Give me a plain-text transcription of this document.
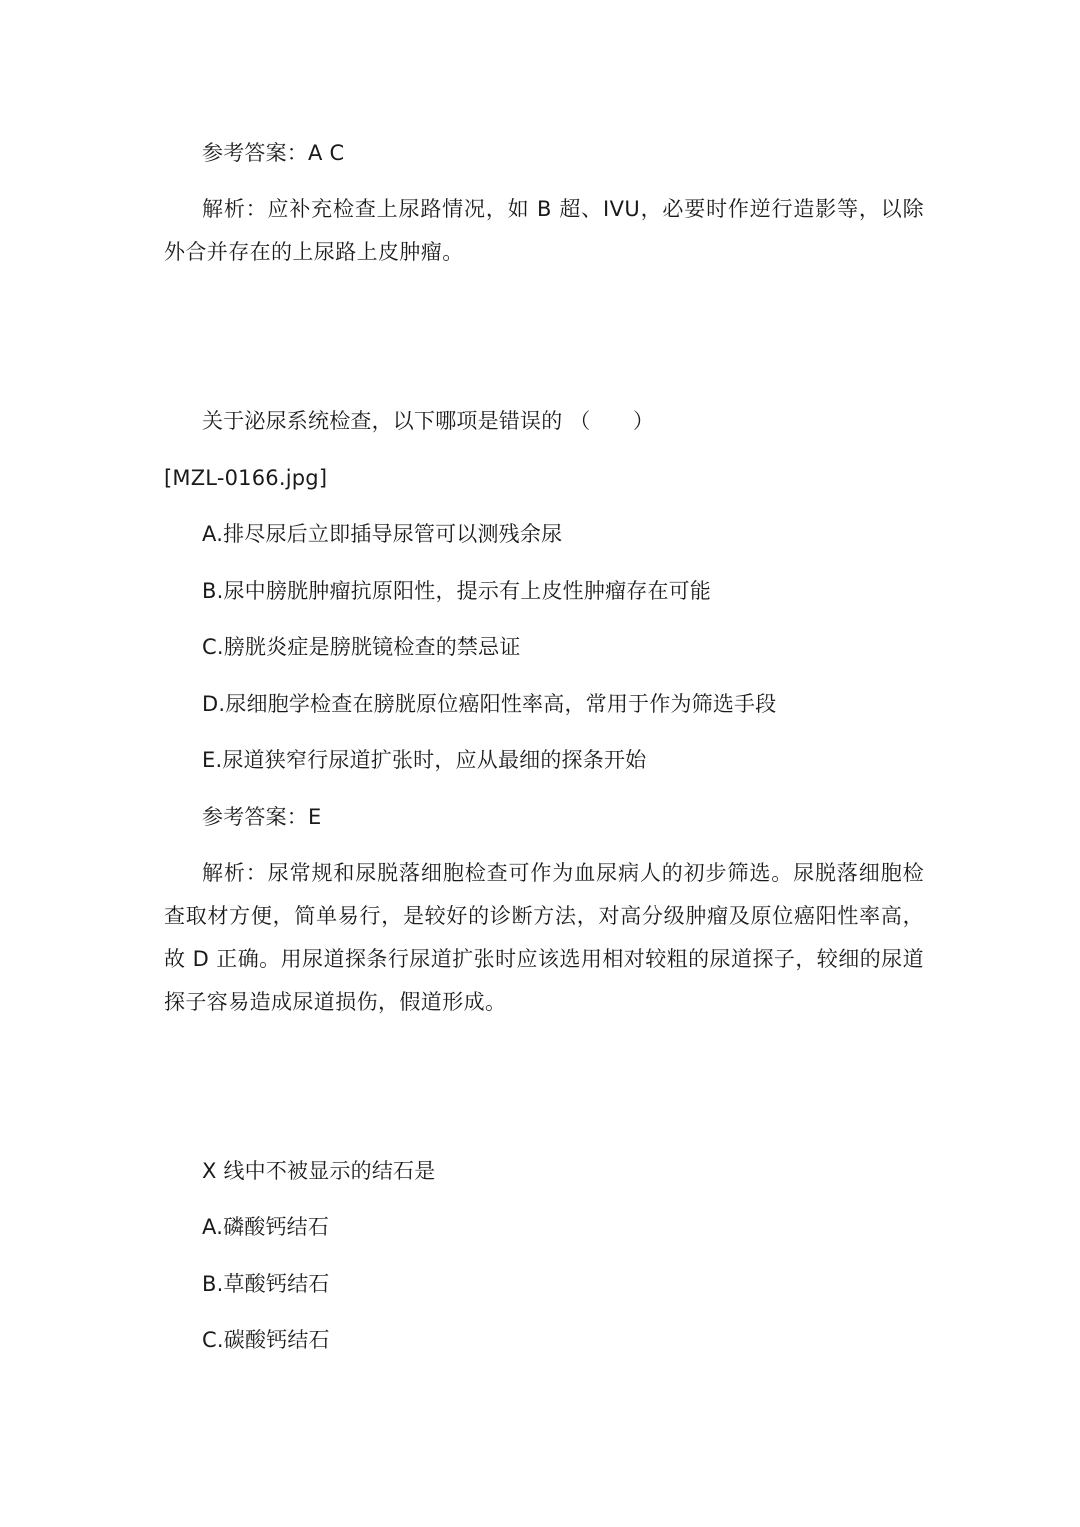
参考答案：A C
解析：应补充检查上尿路情况，如 B 超、IVU，必要时作逆行造影等，以除外合并存在的上尿路上皮肿瘤。
关于泌尿系统检查，以下哪项是错误的 （　　）
[MZL-0166.jpg]
A.排尽尿后立即插导尿管可以测残余尿
B.尿中膀胱肿瘤抗原阳性，提示有上皮性肿瘤存在可能
C.膀胱炎症是膀胱镜检查的禁忌证
D.尿细胞学检查在膀胱原位癌阳性率高，常用于作为筛选手段
E.尿道狭窄行尿道扩张时，应从最细的探条开始
参考答案：E
解析：尿常规和尿脱落细胞检查可作为血尿病人的初步筛选。尿脱落细胞检查取材方便，简单易行，是较好的诊断方法，对高分级肿瘤及原位癌阳性率高，故 D 正确。用尿道探条行尿道扩张时应该选用相对较粗的尿道探子，较细的尿道探子容易造成尿道损伤，假道形成。
X 线中不被显示的结石是
A.磷酸钙结石
B.草酸钙结石
C.碳酸钙结石
